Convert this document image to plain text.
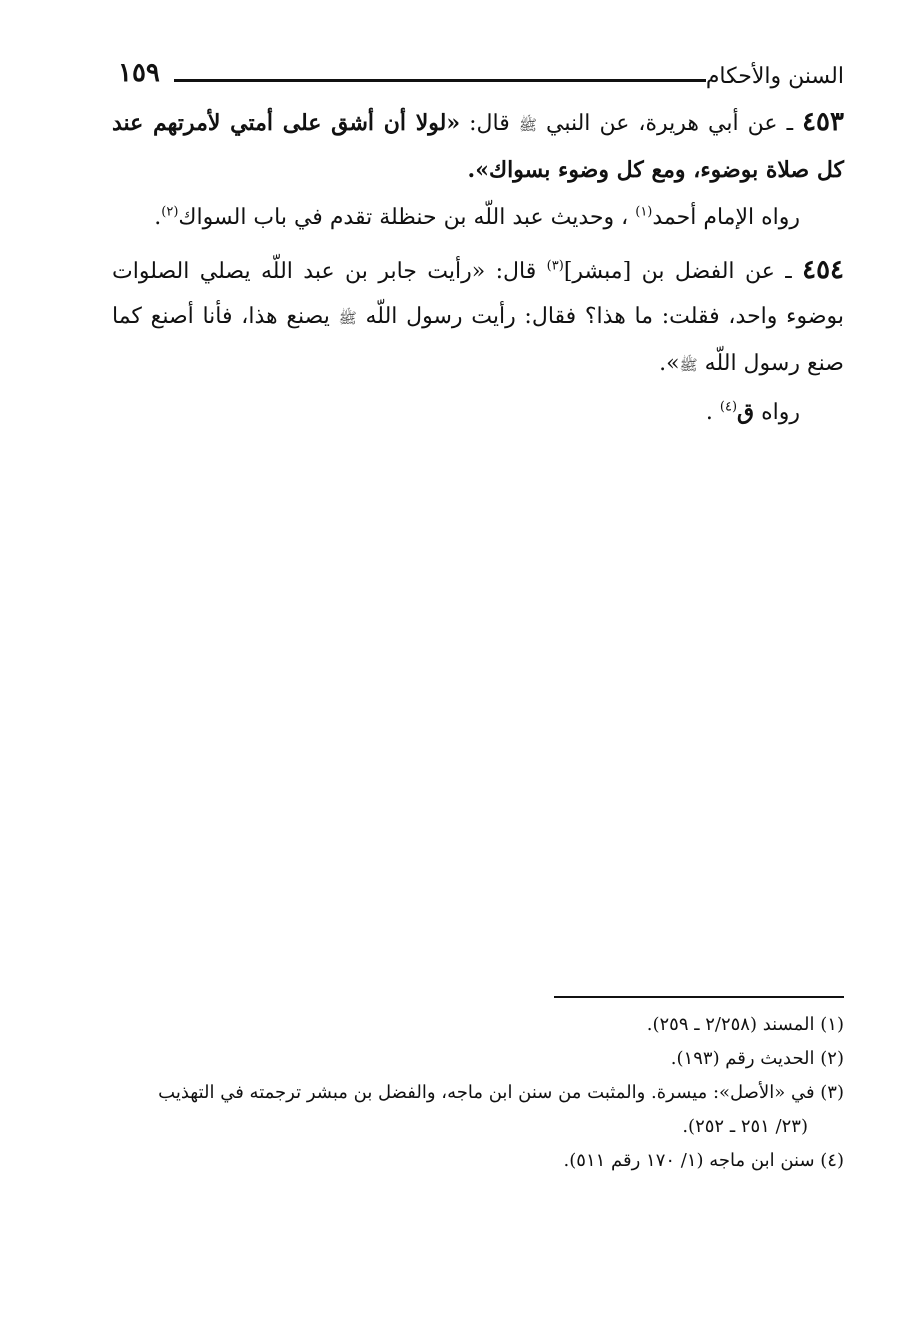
السنن والأحكام
١٥٩

٤٥٣ ـ عن أبي هريرة، عن النبي ﷺ قال: «لولا أن أشق على أمتي لأمرتهم عند كل صلاة بوضوء، ومع كل وضوء بسواك».

رواه الإمام أحمد$^{(١)}$ ، وحديث عبد اللّه بن حنظلة تقدم في باب السواك$^{(٢)}$.

٤٥٤ ـ عن الفضل بن [مبشر]$^{(٣)}$ قال: «رأيت جابر بن عبد اللّه يصلي الصلوات بوضوء واحد، فقلت: ما هذا؟ فقال: رأيت رسول اللّه ﷺ يصنع هذا، فأنا أصنع كما صنع رسول اللّه ﷺ».

رواه ق$^{(٤)}$ .

(١) المسند (٢/٢٥٨ ـ ٢٥٩).

(٢) الحديث رقم (١٩٣).

(٣) في «الأصل»: ميسرة. والمثبت من سنن ابن ماجه، والفضل بن مبشر ترجمته في التهذيب

(٢٣/ ٢٥١ ـ ٢٥٢).

(٤) سنن ابن ماجه (١/ ١٧٠ رقم ٥١١).
